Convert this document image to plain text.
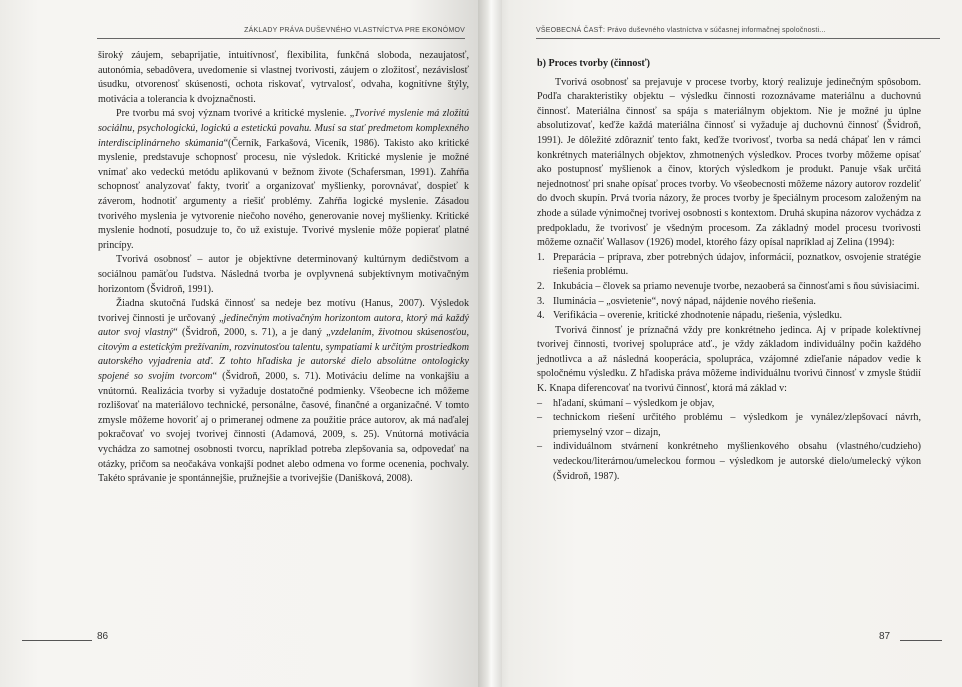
ZÁKLADY PRÁVA DUŠEVNÉHO VLASTNÍCTVA PRE EKONÓMOV

široký záujem, sebaprijatie, intuitívnosť, flexibilita, funkčná sloboda, nezaujatosť, autonómia, sebadôvera, uvedomenie si vlastnej tvorivosti, záujem o zložitosť, nezávislosť úsudku, otvorenosť skúsenosti, ochota riskovať, vytrvalosť, odvaha, kognitívne štýly, motivácia a tolerancia k dvojznačnosti.

Pre tvorbu má svoj význam tvorivé a kritické myslenie. „Tvorivé myslenie má zložitú sociálnu, psychologickú, logickú a estetickú povahu. Musí sa stať predmetom komplexného interdisciplinárneho skúmania“(Černík, Farkašová, Viceník, 1986). Takisto ako kritické myslenie, predstavuje schopnosť procesu, nie výsledok. Kritické myslenie je možné vnímať ako vedeckú metódu aplikovanú v bežnom živote (Schafersman, 1991). Zahŕňa schopnosť analyzovať fakty, tvoriť a organizovať myšlienky, porovnávať, dospieť k záverom, hodnotiť argumenty a riešiť problémy. Zahŕňa logické myslenie. Zásadou tvorivého myslenia je vytvorenie niečoho nového, generovanie novej myšlienky. Kritické myslenie hodnotí, posudzuje to, čo už existuje. Tvorivé myslenie môže popierať platné princípy.

Tvorivá osobnosť – autor je objektívne determinovaný kultúrnym dedičstvom a sociálnou pamäťou ľudstva. Následná tvorba je ovplyvnená subjektívnym motivačným horizontom (Švidroň, 1991).

Žiadna skutočná ľudská činnosť sa nedeje bez motívu (Hanus, 2007). Výsledok tvorivej činnosti je určovaný „jedinečným motivačným horizontom autora, ktorý má každý autor svoj vlastný“ (Švidroň, 2000, s. 71), a je daný „vzdelaním, životnou skúsenosťou, citovým a estetickým prežívaním, rozvinutosťou talentu, sympatiami k určitým prostriedkom autorského vyjadrenia atď. Z tohto hľadiska je autorské dielo absolútne ontologicky spojené so svojím tvorcom“ (Švidroň, 2000, s. 71). Motiváciu delíme na vonkajšiu a vnútornú. Realizácia tvorby si vyžaduje dostatočné podmienky. Všeobecne ich môžeme rozlišovať na materiálovo technické, personálne, časové, finančné a organizačné. V tomto zmysle môžeme hovoriť aj o primeranej odmene za použitie práce autorov, ak má naďalej pokračovať vo svojej tvorivej činnosti (Adamová, 2009, s. 25). Vnútorná motivácia vychádza zo samotnej osobnosti tvorcu, napríklad potreba zlepšovania sa, odpovedať na otázky, pričom sa neočakáva vonkajší podnet alebo odmena vo forme ocenenia, pochvaly. Takéto správanie je spontánnejšie, pružnejšie a tvorivejšie (Danišková, 2008).

86
VŠEOBECNÁ ČASŤ: Právo duševného vlastníctva v súčasnej informačnej spoločnosti...

b) Proces tvorby (činnosť)

Tvorivá osobnosť sa prejavuje v procese tvorby, ktorý realizuje jedinečným spôsobom. Podľa charakteristiky objektu – výsledku činnosti rozoznávame materiálnu a duchovnú činnosť. Materiálna činnosť sa spája s materiálnym objektom. Nie je možné ju úplne absolutizovať, keďže každá materiálna činnosť si vyžaduje aj duchovnú činnosť (Švidroň, 1991). Je dôležité zdôrazniť tento fakt, keďže tvorivosť, tvorba sa nedá chápať len v rámci konkrétnych materiálnych objektov, zhmotnených výsledkov. Proces tvorby môžeme opísať ako postupnosť myšlienok a činov, ktorých výsledkom je produkt. Panuje však určitá nejednotnosť pri snahe opísať proces tvorby. Vo všeobecnosti môžeme názory autorov rozdeliť do dvoch skupín. Prvá tvoria názory, že proces tvorby je špeciálnym procesom založeným na zhode a súlade výnimočnej tvorivej osobnosti s kontextom. Druhá skupina názorov vychádza z predpokladu, že tvorivosť je všedným procesom. Za základný model procesu tvorivosti môžeme označiť Wallasov (1926) model, ktorého fázy opísal napríklad aj Zelina (1994):

1. Preparácia – príprava, zber potrebných údajov, informácií, poznatkov, osvojenie stratégie riešenia problému.
2. Inkubácia – človek sa priamo nevenuje tvorbe, nezaoberá sa činnosťami s ňou súvisiacimi.
3. Iluminácia – „osvietenie“, nový nápad, nájdenie nového riešenia.
4. Verifikácia – overenie, kritické zhodnotenie nápadu, riešenia, výsledku.

Tvorivá činnosť je príznačná vždy pre konkrétneho jedinca. Aj v prípade kolektívnej tvorivej činnosti, tvorivej spolupráce atď., je vždy základom individuálny počin každého jednotlivca a až následná kooperácia, spolupráca, vzájomné zdieľanie nápadov vedie k spoločnému výsledku. Z hľadiska práva môžeme individuálnu tvorivú činnosť v zmysle štúdií K. Knapa diferencovať na tvorivú činnosť, ktorá má základ v:

– hľadaní, skúmaní – výsledkom je objav,
– technickom riešení určitého problému – výsledkom je vynález/zlepšovací návrh, priemyselný vzor – dizajn,
– individuálnom stvárnení konkrétneho myšlienkového obsahu (vlastného/cudzieho) vedeckou/literárnou/umeleckou formou – výsledkom je autorské dielo/umelecký výkon (Švidroň, 1987).
87
